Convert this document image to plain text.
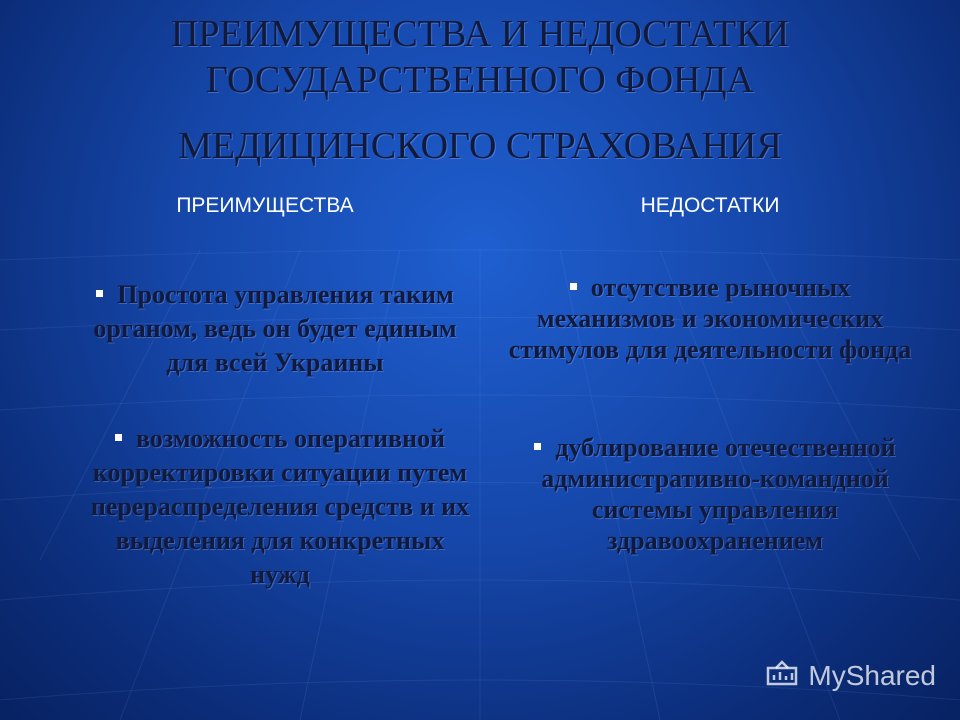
ПРЕИМУЩЕСТВА И НЕДОСТАТКИ
ГОСУДАРСТВЕННОГО ФОНДА
МЕДИЦИНСКОГО СТРАХОВАНИЯ
ПРЕИМУЩЕСТВА	НЕДОСТАТКИ
Простота управления таким органом, ведь он будет единым для всей Украины
возможность оперативной корректировки ситуации путем перераспределения средств и их выделения для конкретных нужд
отсутствие рыночных механизмов и экономических стимулов для деятельности фонда
дублирование отечественной административно-командной системы управления здравоохранением
MyShared
